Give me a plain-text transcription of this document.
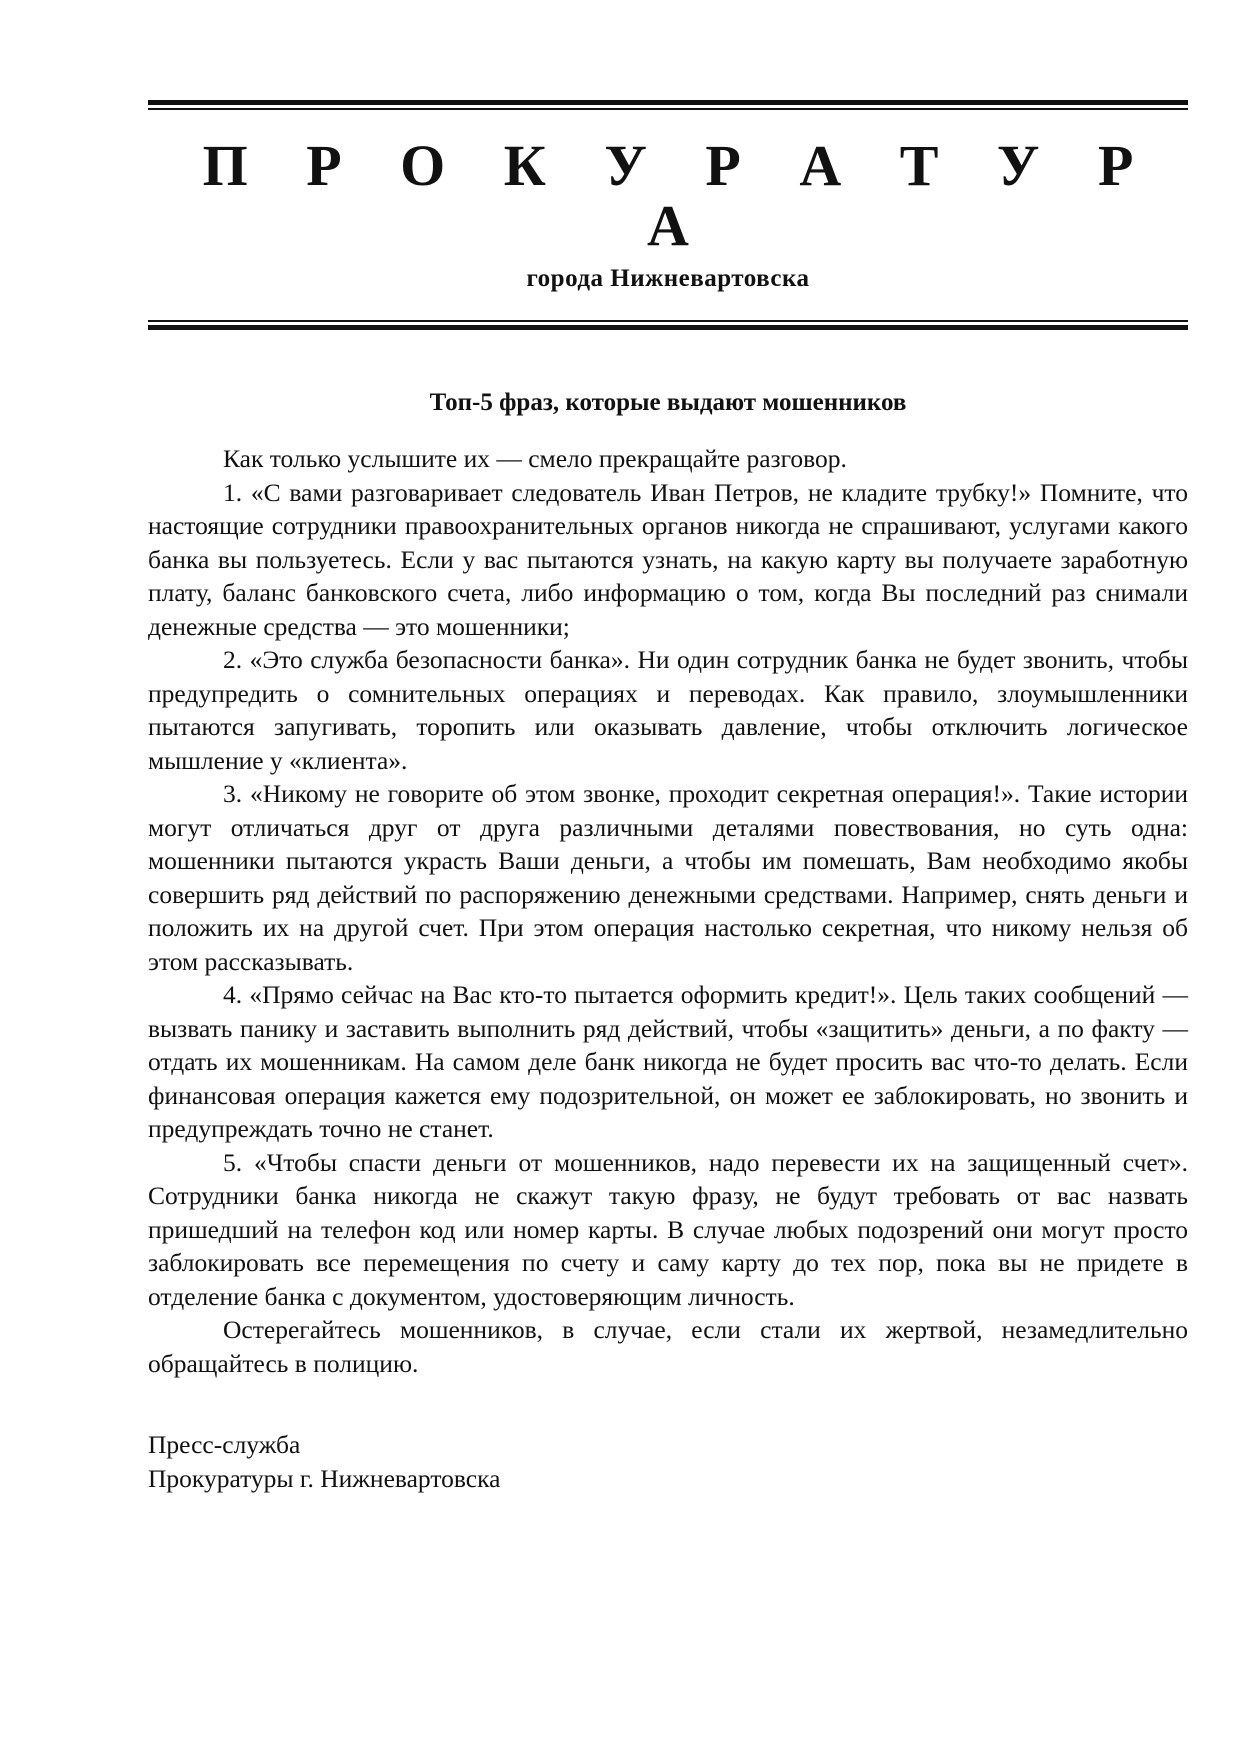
П Р О К У Р А Т У Р А
города Нижневартовска
Топ-5 фраз, которые выдают мошенников

Как только услышите их — смело прекращайте разговор.

1. «С вами разговаривает следователь Иван Петров, не кладите трубку!» Помните, что настоящие сотрудники правоохранительных органов никогда не спрашивают, услугами какого банка вы пользуетесь. Если у вас пытаются узнать, на какую карту вы получаете заработную плату, баланс банковского счета, либо информацию о том, когда Вы последний раз снимали денежные средства — это мошенники;

2. «Это служба безопасности банка». Ни один сотрудник банка не будет звонить, чтобы предупредить о сомнительных операциях и переводах. Как правило, злоумышленники пытаются запугивать, торопить или оказывать давление, чтобы отключить логическое мышление у «клиента».

3. «Никому не говорите об этом звонке, проходит секретная операция!». Такие истории могут отличаться друг от друга различными деталями повествования, но суть одна: мошенники пытаются украсть Ваши деньги, а чтобы им помешать, Вам необходимо якобы совершить ряд действий по распоряжению денежными средствами. Например, снять деньги и положить их на другой счет. При этом операция настолько секретная, что никому нельзя об этом рассказывать.

4. «Прямо сейчас на Вас кто-то пытается оформить кредит!». Цель таких сообщений — вызвать панику и заставить выполнить ряд действий, чтобы «защитить» деньги, а по факту — отдать их мошенникам. На самом деле банк никогда не будет просить вас что-то делать. Если финансовая операция кажется ему подозрительной, он может ее заблокировать, но звонить и предупреждать точно не станет.

5. «Чтобы спасти деньги от мошенников, надо перевести их на защищенный счет». Сотрудники банка никогда не скажут такую фразу, не будут требовать от вас назвать пришедший на телефон код или номер карты. В случае любых подозрений они могут просто заблокировать все перемещения по счету и саму карту до тех пор, пока вы не придете в отделение банка с документом, удостоверяющим личность.

Остерегайтесь мошенников, в случае, если стали их жертвой, незамедлительно обращайтесь в полицию.

Пресс-служба
Прокуратуры г. Нижневартовска
